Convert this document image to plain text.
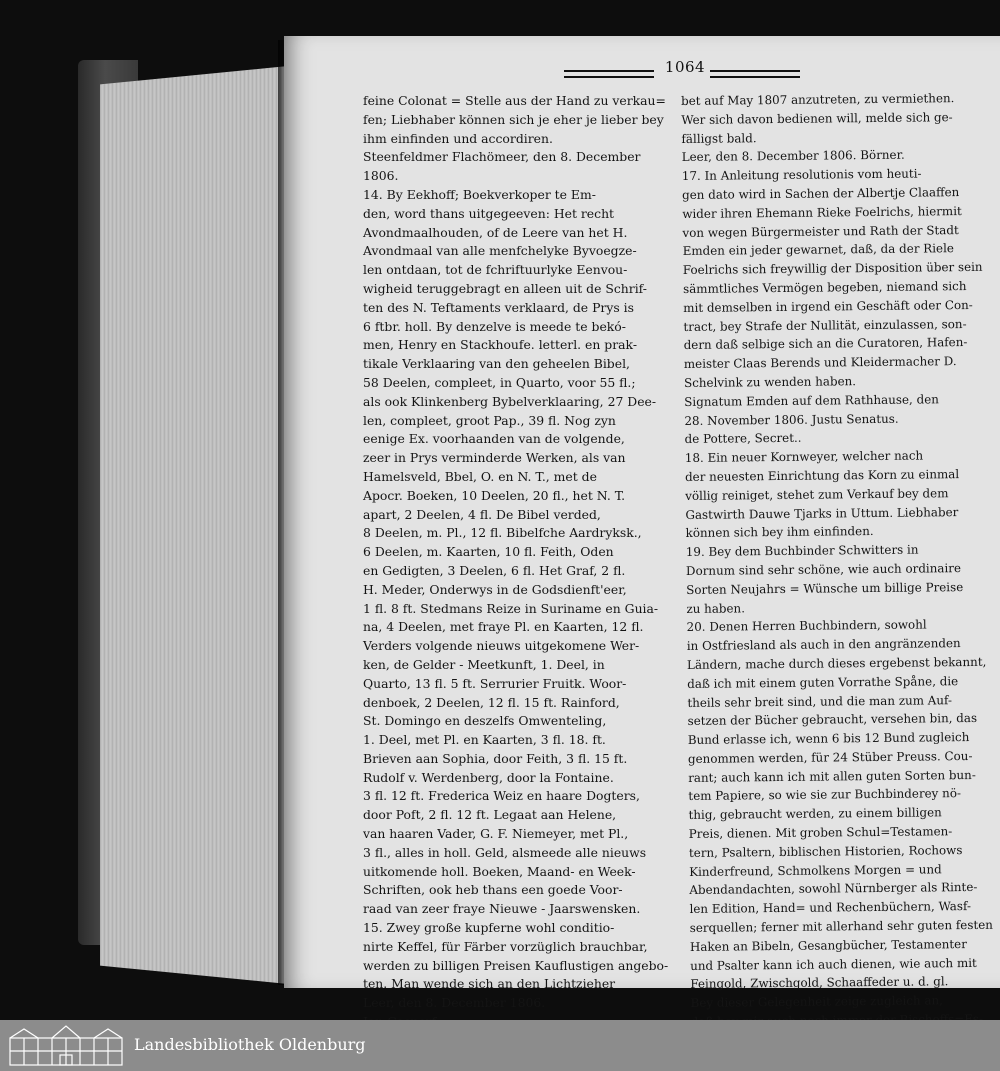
1064
feine Colonat = Stelle aus der Hand zu verkau=
fen; Liebhaber können sich je eher je lieber bey
ihm einfinden und accordiren.
Steenfeldmer Flachömeer, den 8. December
1806.
14. By Eekhoff; Boekverkoper te Em-
den, word thans uitgegeeven: Het recht
Avondmaalhouden, of de Leere van het H.
Avondmaal van alle menfchelyke Byvoegze-
len ontdaan, tot de fchriftuurlyke Eenvou-
wigheid teruggebragt en alleen uit de Schrif-
ten des N. Teftaments verklaard, de Prys is
6 ftbr. holl. By denzelve is meede te bekó-
men, Henry en Stackhoufe. letterl. en prak-
tikale Verklaaring van den geheelen Bibel,
58 Deelen, compleet, in Quarto, voor 55 fl.;
als ook Klinkenberg Bybelverklaaring, 27 Dee-
len, compleet, groot Pap., 39 fl. Nog zyn
eenige Ex. voorhaanden van de volgende,
zeer in Prys verminderde Werken, als van
Hamelsveld, Bbel, O. en N. T., met de
Apocr. Boeken, 10 Deelen, 20 fl., het N. T.
apart, 2 Deelen, 4 fl. De Bibel verded,
8 Deelen, m. Pl., 12 fl. Bibelfche Aardryksk.,
6 Deelen, m. Kaarten, 10 fl. Feith, Oden
en Gedigten, 3 Deelen, 6 fl. Het Graf, 2 fl.
H. Meder, Onderwys in de Godsdienft'eer,
1 fl. 8 ft. Stedmans Reize in Suriname en Guia-
na, 4 Deelen, met fraye Pl. en Kaarten, 12 fl.
Verders volgende nieuws uitgekomene Wer-
ken, de Gelder - Meetkunft, 1. Deel, in
Quarto, 13 fl. 5 ft. Serrurier Fruitk. Woor-
denboek, 2 Deelen, 12 fl. 15 ft. Rainford,
St. Domingo en deszelfs Omwenteling,
1. Deel, met Pl. en Kaarten, 3 fl. 18. ft.
Brieven aan Sophia, door Feith, 3 fl. 15 ft.
Rudolf v. Werdenberg, door la Fontaine.
3 fl. 12 ft. Frederica Weiz en haare Dogters,
door Poft, 2 fl. 12 ft. Legaat aan Helene,
van haaren Vader, G. F. Niemeyer, met Pl.,
3 fl., alles in holl. Geld, alsmeede alle nieuws
uitkomende holl. Boeken, Maand- en Week-
Schriften, ook heb thans een goede Voor-
raad van zeer fraye Nieuwe - Jaarswensken.
15. Zwey große kupferne wohl conditio-
nirte Keffel, für Färber vorzüglich brauchbar,
werden zu billigen Preisen Kauflustigen angebo-
ten. Man wende sich an den Lichtzieher
Leer, den 8. December 1806.
bet auf May 1807 anzutreten, zu vermiethen.
Wer sich davon bedienen will, melde sich ge-
fälligst bald.
Leer, den 8. December 1806. Börner.
17. In Anleitung resolutionis vom heuti-
gen dato wird in Sachen der Albertje Claaffen
wider ihren Ehemann Rieke Foelrichs, hiermit
von wegen Bürgermeister und Rath der Stadt
Emden ein jeder gewarnet, daß, da der Riele
Foelrichs sich freywillig der Disposition über sein
sämmtliches Vermögen begeben, niemand sich
mit demselben in irgend ein Geschäft oder Con-
tract, bey Strafe der Nullität, einzulassen, son-
dern daß selbige sich an die Curatoren, Hafen-
meister Claas Berends und Kleidermacher D.
Schelvink zu wenden haben.
Signatum Emden auf dem Rathhause, den
28. November 1806. Justu Senatus.
de Pottere, Secret..
18. Ein neuer Kornweyer, welcher nach
der neuesten Einrichtung das Korn zu einmal
völlig reiniget, stehet zum Verkauf bey dem
Gastwirth Dauwe Tjarks in Uttum. Liebhaber
können sich bey ihm einfinden.
19. Bey dem Buchbinder Schwitters in
Dornum sind sehr schöne, wie auch ordinaire
Sorten Neujahrs = Wünsche um billige Preise
zu haben.
20. Denen Herren Buchbindern, sowohl
in Ostfriesland als auch in den angränzenden
Ländern, mache durch dieses ergebenst bekannt,
daß ich mit einem guten Vorrathe Spåne, die
theils sehr breit sind, und die man zum Auf-
setzen der Bücher gebraucht, versehen bin, das
Bund erlasse ich, wenn 6 bis 12 Bund zugleich
genommen werden, für 24 Stüber Preuss. Cou-
rant; auch kann ich mit allen guten Sorten bun-
tem Papiere, so wie sie zur Buchbinderey nö-
thig, gebraucht werden, zu einem billigen
Preis, dienen. Mit groben Schul=Testamen-
tern, Psaltern, biblischen Historien, Rochows
Kinderfreund, Schmolkens Morgen = und
Abendandachten, sowohl Nürnberger als Rinte-
len Edition, Hand= und Rechenbüchern, Wasf-
serquellen; ferner mit allerhand sehr guten festen
Haken an Bibeln, Gesangbücher, Testamenter
und Psalter kann ich auch dienen, wie auch mit
Feingold, Zwischgold, Schaaffeder u. d. gl.
Bey dieser Gelegenheit zeige zugleich an,
Landesbibliothek Oldenburg
